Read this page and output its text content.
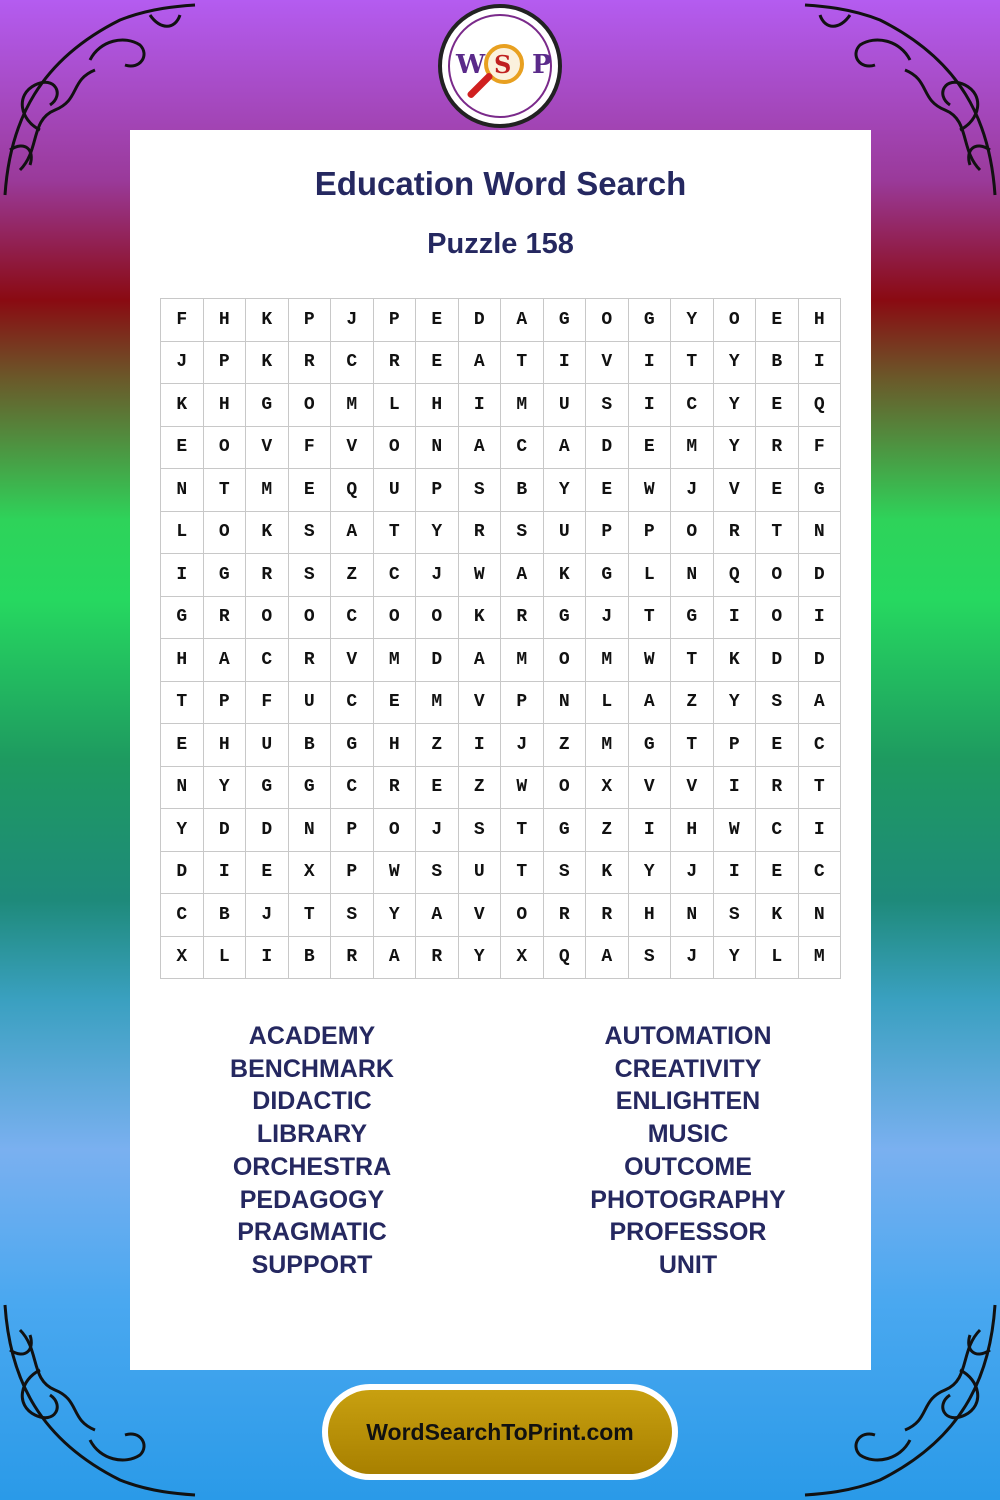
W S P
Education Word Search
Puzzle 158
F	H	K	P	J	P	E	D	A	G	O	G	Y	O	E	H
J	P	K	R	C	R	E	A	T	I	V	I	T	Y	B	I
K	H	G	O	M	L	H	I	M	U	S	I	C	Y	E	Q
E	O	V	F	V	O	N	A	C	A	D	E	M	Y	R	F
N	T	M	E	Q	U	P	S	B	Y	E	W	J	V	E	G
L	O	K	S	A	T	Y	R	S	U	P	P	O	R	T	N
I	G	R	S	Z	C	J	W	A	K	G	L	N	Q	O	D
G	R	O	O	C	O	O	K	R	G	J	T	G	I	O	I
H	A	C	R	V	M	D	A	M	O	M	W	T	K	D	D
T	P	F	U	C	E	M	V	P	N	L	A	Z	Y	S	A
E	H	U	B	G	H	Z	I	J	Z	M	G	T	P	E	C
N	Y	G	G	C	R	E	Z	W	O	X	V	V	I	R	T
Y	D	D	N	P	O	J	S	T	G	Z	I	H	W	C	I
D	I	E	X	P	W	S	U	T	S	K	Y	J	I	E	C
C	B	J	T	S	Y	A	V	O	R	R	H	N	S	K	N
X	L	I	B	R	A	R	Y	X	Q	A	S	J	Y	L	M
ACADEMY
BENCHMARK
DIDACTIC
LIBRARY
ORCHESTRA
PEDAGOGY
PRAGMATIC
SUPPORT
AUTOMATION
CREATIVITY
ENLIGHTEN
MUSIC
OUTCOME
PHOTOGRAPHY
PROFESSOR
UNIT
WordSearchToPrint.com
